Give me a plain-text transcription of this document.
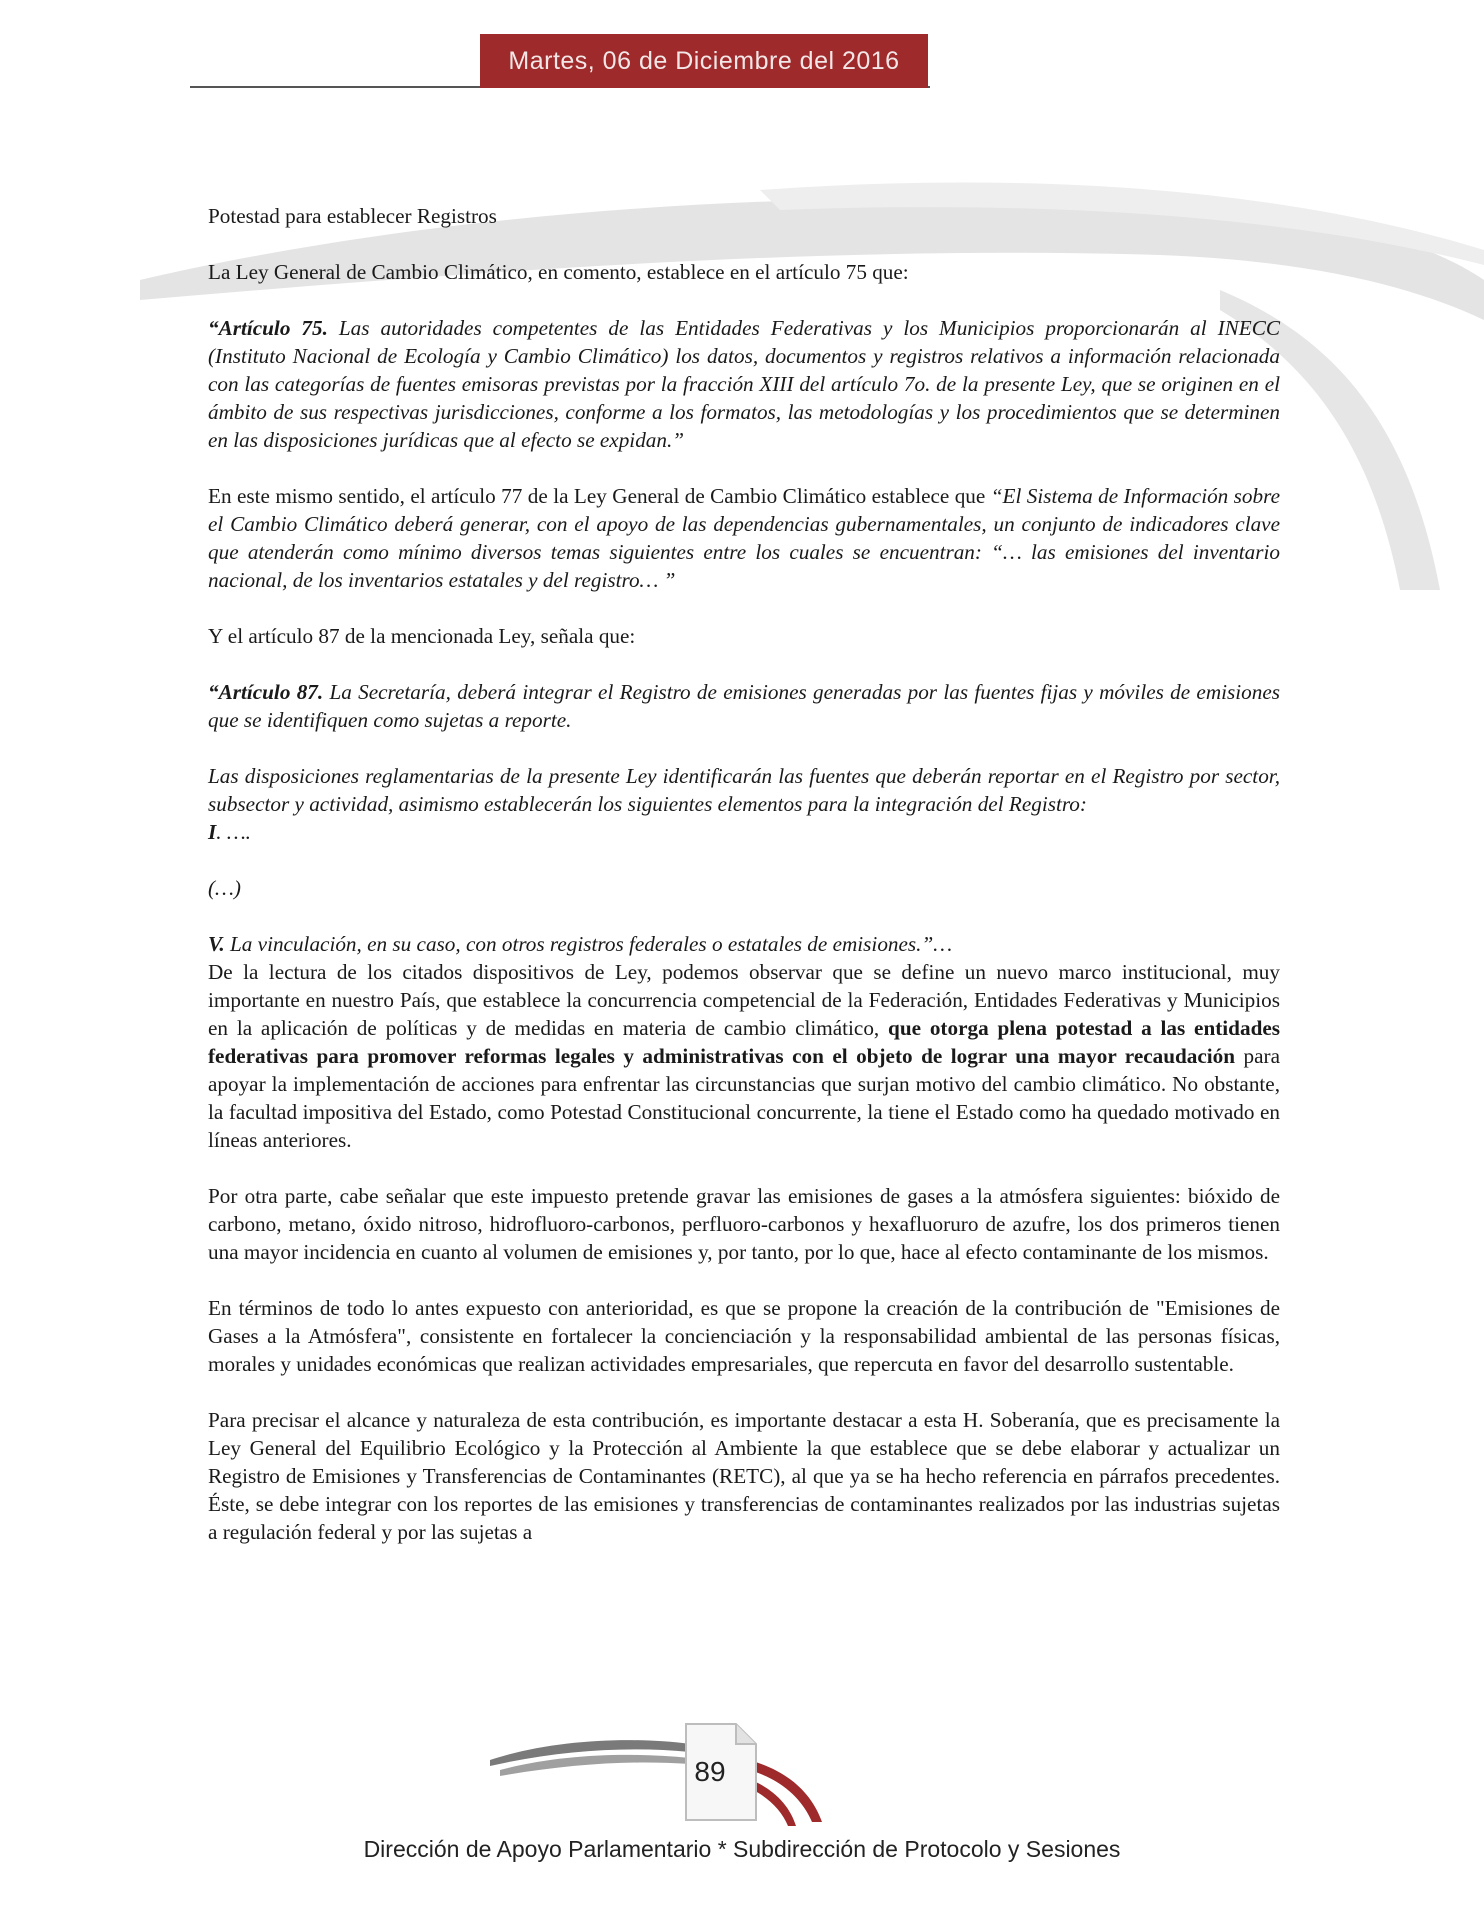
Martes, 06 de Diciembre del 2016

Potestad para establecer Registros

La Ley General de Cambio Climático, en comento, establece en el artículo 75 que:

“Artículo 75. Las autoridades competentes de las Entidades Federativas y los Municipios proporcionarán al INECC (Instituto Nacional de Ecología y Cambio Climático) los datos, documentos y registros relativos a información relacionada con las categorías de fuentes emisoras previstas por la fracción XIII del artículo 7o. de la presente Ley, que se originen en el ámbito de sus respectivas jurisdicciones, conforme a los formatos, las metodologías y los procedimientos que se determinen en las disposiciones jurídicas que al efecto se expidan.”

En este mismo sentido, el artículo 77 de la Ley General de Cambio Climático establece que “El Sistema de Información sobre el Cambio Climático deberá generar, con el apoyo de las dependencias gubernamentales, un conjunto de indicadores clave que atenderán como mínimo diversos temas siguientes entre los cuales se encuentran: “… las emisiones del inventario nacional, de los inventarios estatales y del registro… ”

Y el artículo 87 de la mencionada Ley, señala que:

“Artículo 87. La Secretaría, deberá integrar el Registro de emisiones generadas por las fuentes fijas y móviles de emisiones que se identifiquen como sujetas a reporte.

Las disposiciones reglamentarias de la presente Ley identificarán las fuentes que deberán reportar en el Registro por sector, subsector y actividad, asimismo establecerán los siguientes elementos para la integración del Registro:

I. ….

(…)

V. La vinculación, en su caso, con otros registros federales o estatales de emisiones.”…

De la lectura de los citados dispositivos de Ley, podemos observar que se define un nuevo marco institucional, muy importante en nuestro País, que establece la concurrencia competencial de la Federación, Entidades Federativas y Municipios en la aplicación de políticas y de medidas en materia de cambio climático, que otorga plena potestad a las entidades federativas para promover reformas legales y administrativas con el objeto de lograr una mayor recaudación para apoyar la implementación de acciones para enfrentar las circunstancias que surjan motivo del cambio climático. No obstante, la facultad impositiva del Estado, como Potestad Constitucional concurrente, la tiene el Estado como ha quedado motivado en líneas anteriores.

Por otra parte, cabe señalar que este impuesto pretende gravar las emisiones de gases a la atmósfera siguientes: bióxido de carbono, metano, óxido nitroso, hidrofluoro-carbonos, perfluoro-carbonos y hexafluoruro de azufre, los dos primeros tienen una mayor incidencia en cuanto al volumen de emisiones y, por tanto, por lo que, hace al efecto contaminante de los mismos.

En términos de todo lo antes expuesto con anterioridad, es que se propone la creación de la contribución de "Emisiones de Gases a la Atmósfera", consistente en fortalecer la concienciación y la responsabilidad ambiental de las personas físicas, morales y unidades económicas que realizan actividades empresariales, que repercuta en favor del desarrollo sustentable.

Para precisar el alcance y naturaleza de esta contribución, es importante destacar a esta H. Soberanía, que es precisamente la Ley General del Equilibrio Ecológico y la Protección al Ambiente la que establece que se debe elaborar y actualizar un Registro de Emisiones y Transferencias de Contaminantes (RETC), al que ya se ha hecho referencia en párrafos precedentes. Éste, se debe integrar con los reportes de las emisiones y transferencias de contaminantes realizados por las industrias sujetas a regulación federal y por las sujetas a

89
Dirección de Apoyo Parlamentario * Subdirección de Protocolo y Sesiones
